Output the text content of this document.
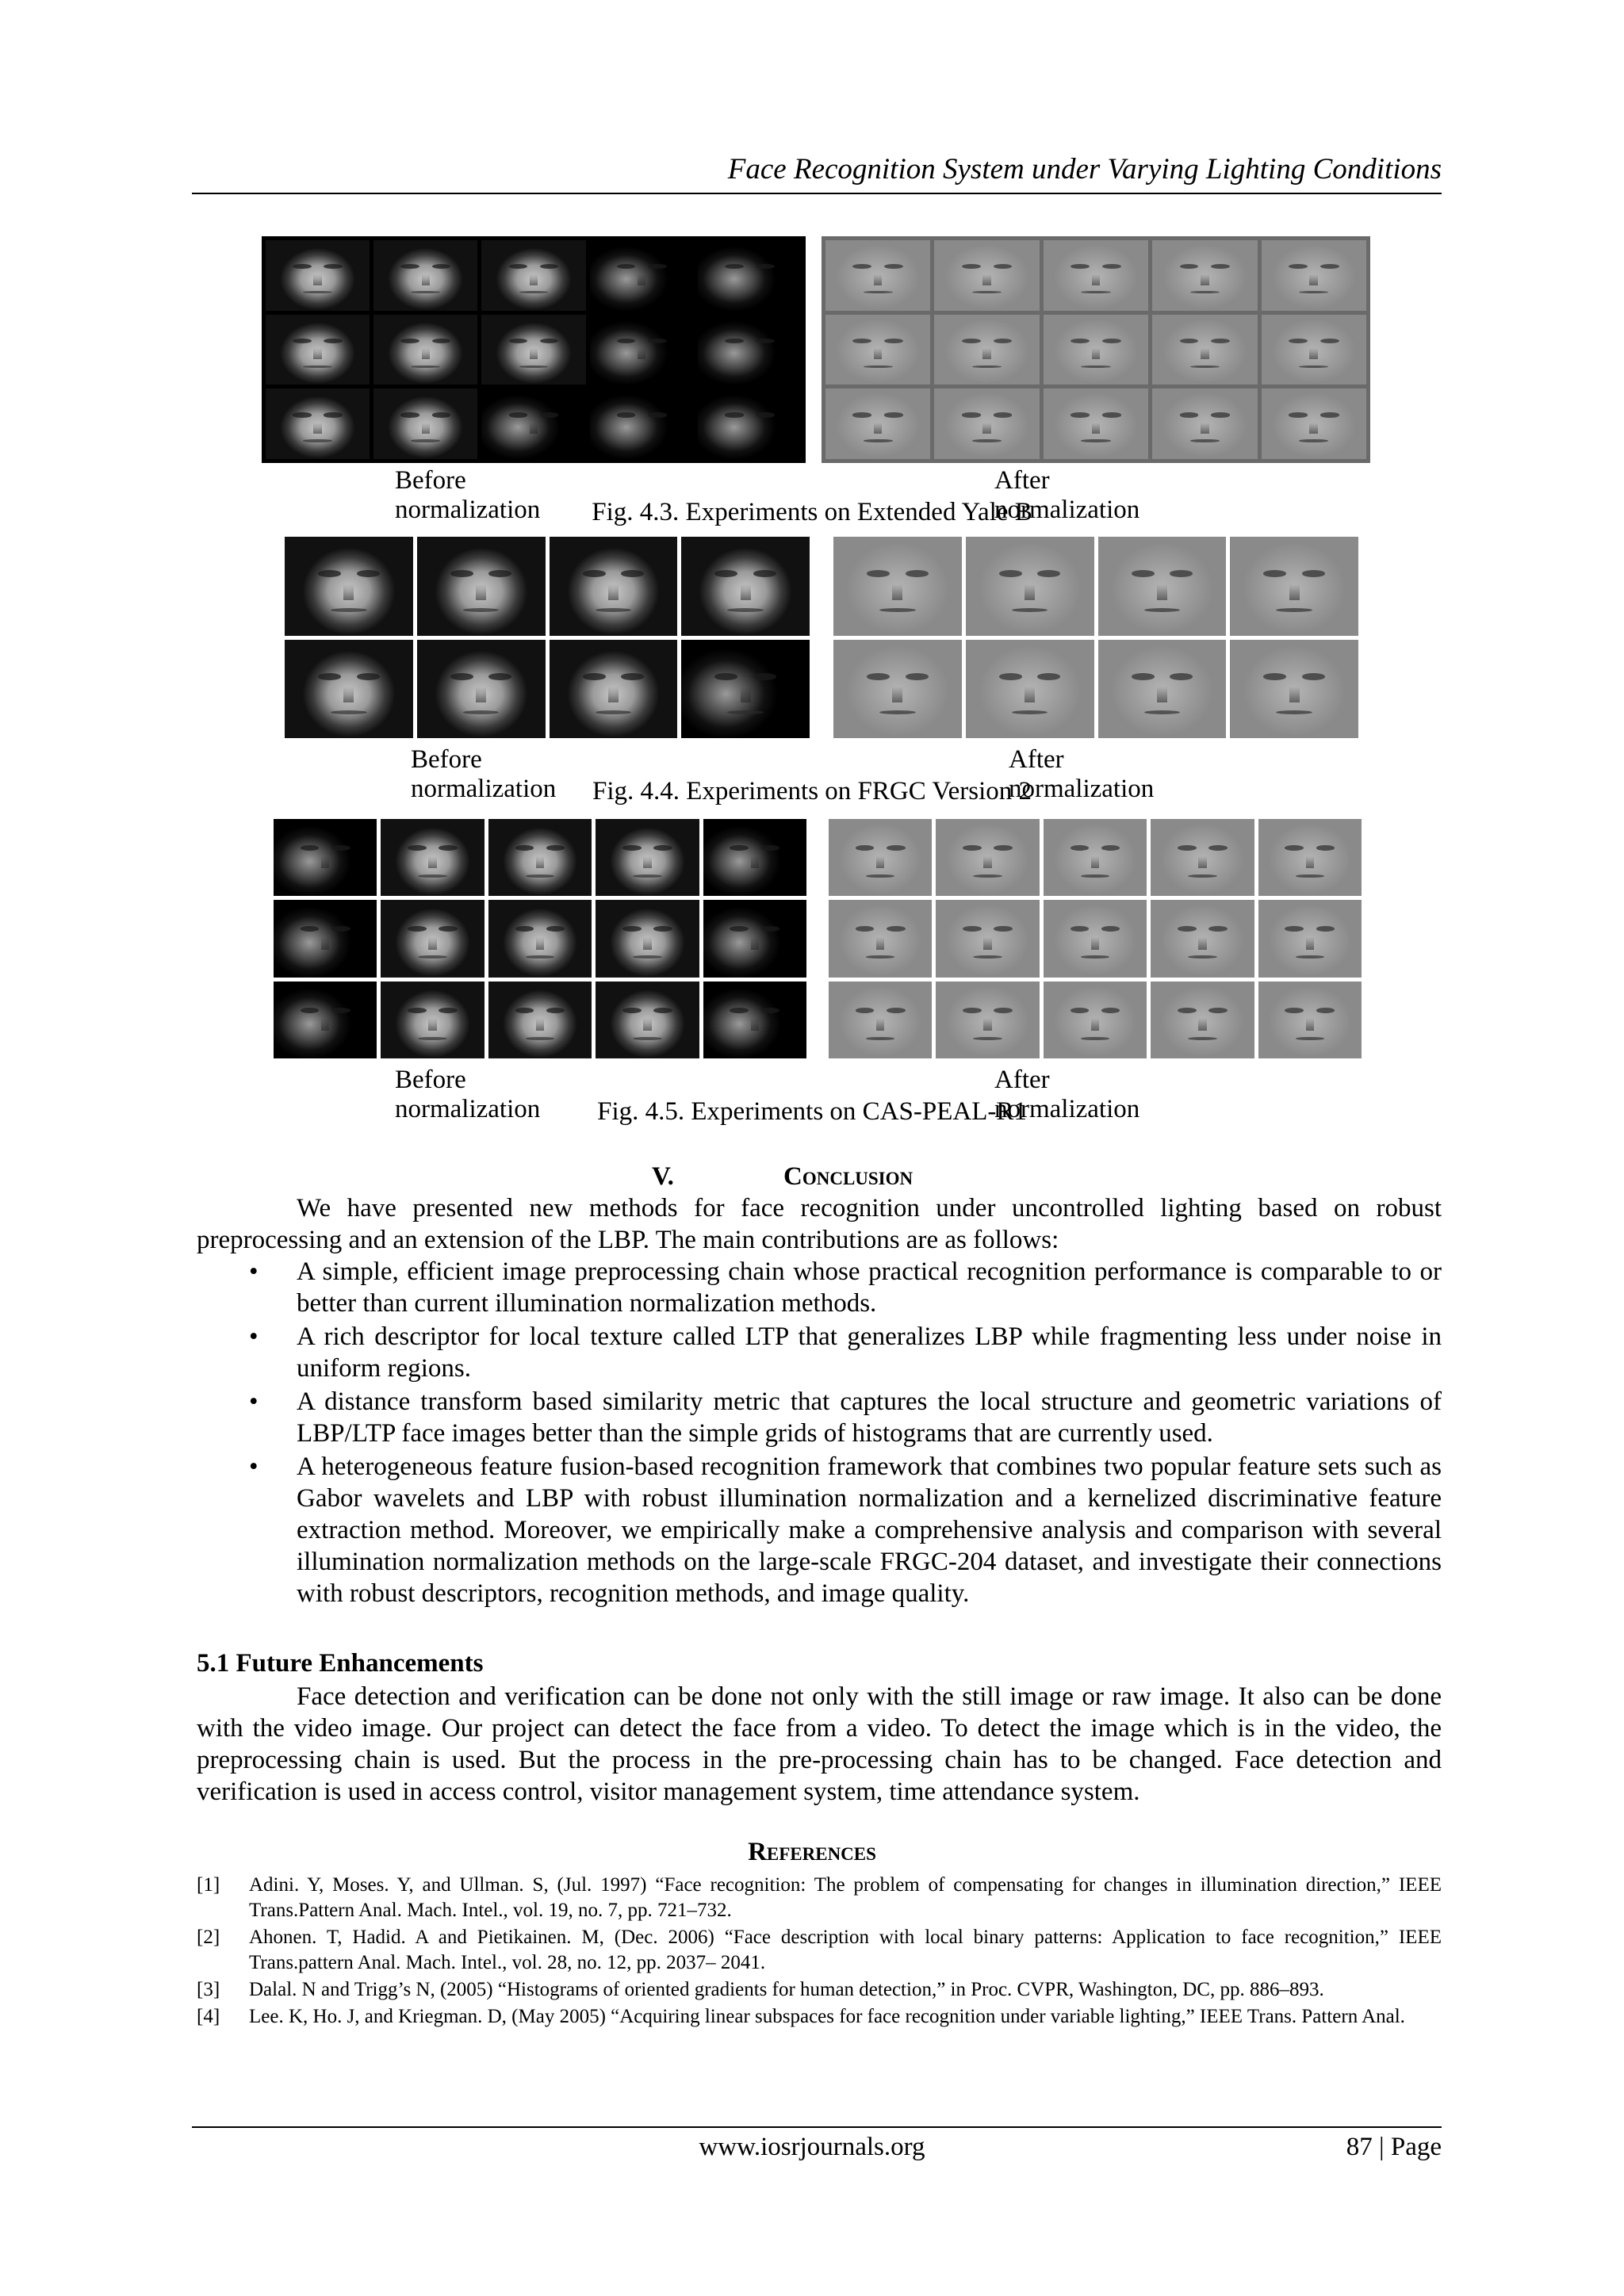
Face Recognition System under Varying Lighting Conditions
Before normalization
After normalization
Fig. 4.3. Experiments on Extended Yale B
Before normalization
After normalization
Fig. 4.4. Experiments on FRGC Version 2
Before normalization
After normalization
Fig. 4.5. Experiments on CAS-PEAL-R1
V.	Conclusion
We have presented new methods for face recognition under uncontrolled lighting based on robust preprocessing and an extension of the LBP. The main contributions are as follows:
• A simple, efficient image preprocessing chain whose practical recognition performance is comparable to or better than current illumination normalization methods.
• A rich descriptor for local texture called LTP that generalizes LBP while fragmenting less under noise in uniform regions.
• A distance transform based similarity metric that captures the local structure and geometric variations of LBP/LTP face images better than the simple grids of histograms that are currently used.
• A heterogeneous feature fusion-based recognition framework that combines two popular feature sets such as Gabor wavelets and LBP with robust illumination normalization and a kernelized discriminative feature extraction method. Moreover, we empirically make a comprehensive analysis and comparison with several illumination normalization methods on the large-scale FRGC-204 dataset, and investigate their connections with robust descriptors, recognition methods, and image quality.
5.1 Future Enhancements
Face detection and verification can be done not only with the still image or raw image. It also can be done with the video image. Our project can detect the face from a video. To detect the image which is in the video, the preprocessing chain is used. But the process in the pre-processing chain has to be changed. Face detection and verification is used in access control, visitor management system, time attendance system.
References
[1] Adini. Y, Moses. Y, and Ullman. S, (Jul. 1997) “Face recognition: The problem of compensating for changes in illumination direction,” IEEE Trans.Pattern Anal. Mach. Intel., vol. 19, no. 7, pp. 721–732.
[2] Ahonen. T, Hadid. A and Pietikainen. M, (Dec. 2006) “Face description with local binary patterns: Application to face recognition,” IEEE Trans.pattern Anal. Mach. Intel., vol. 28, no. 12, pp. 2037– 2041.
[3] Dalal. N and Trigg’s N, (2005) “Histograms of oriented gradients for human detection,” in Proc. CVPR, Washington, DC, pp. 886–893.
[4] Lee. K, Ho. J, and Kriegman. D, (May 2005) “Acquiring linear subspaces for face recognition under variable lighting,” IEEE Trans. Pattern Anal.
www.iosrjournals.org	87 | Page
